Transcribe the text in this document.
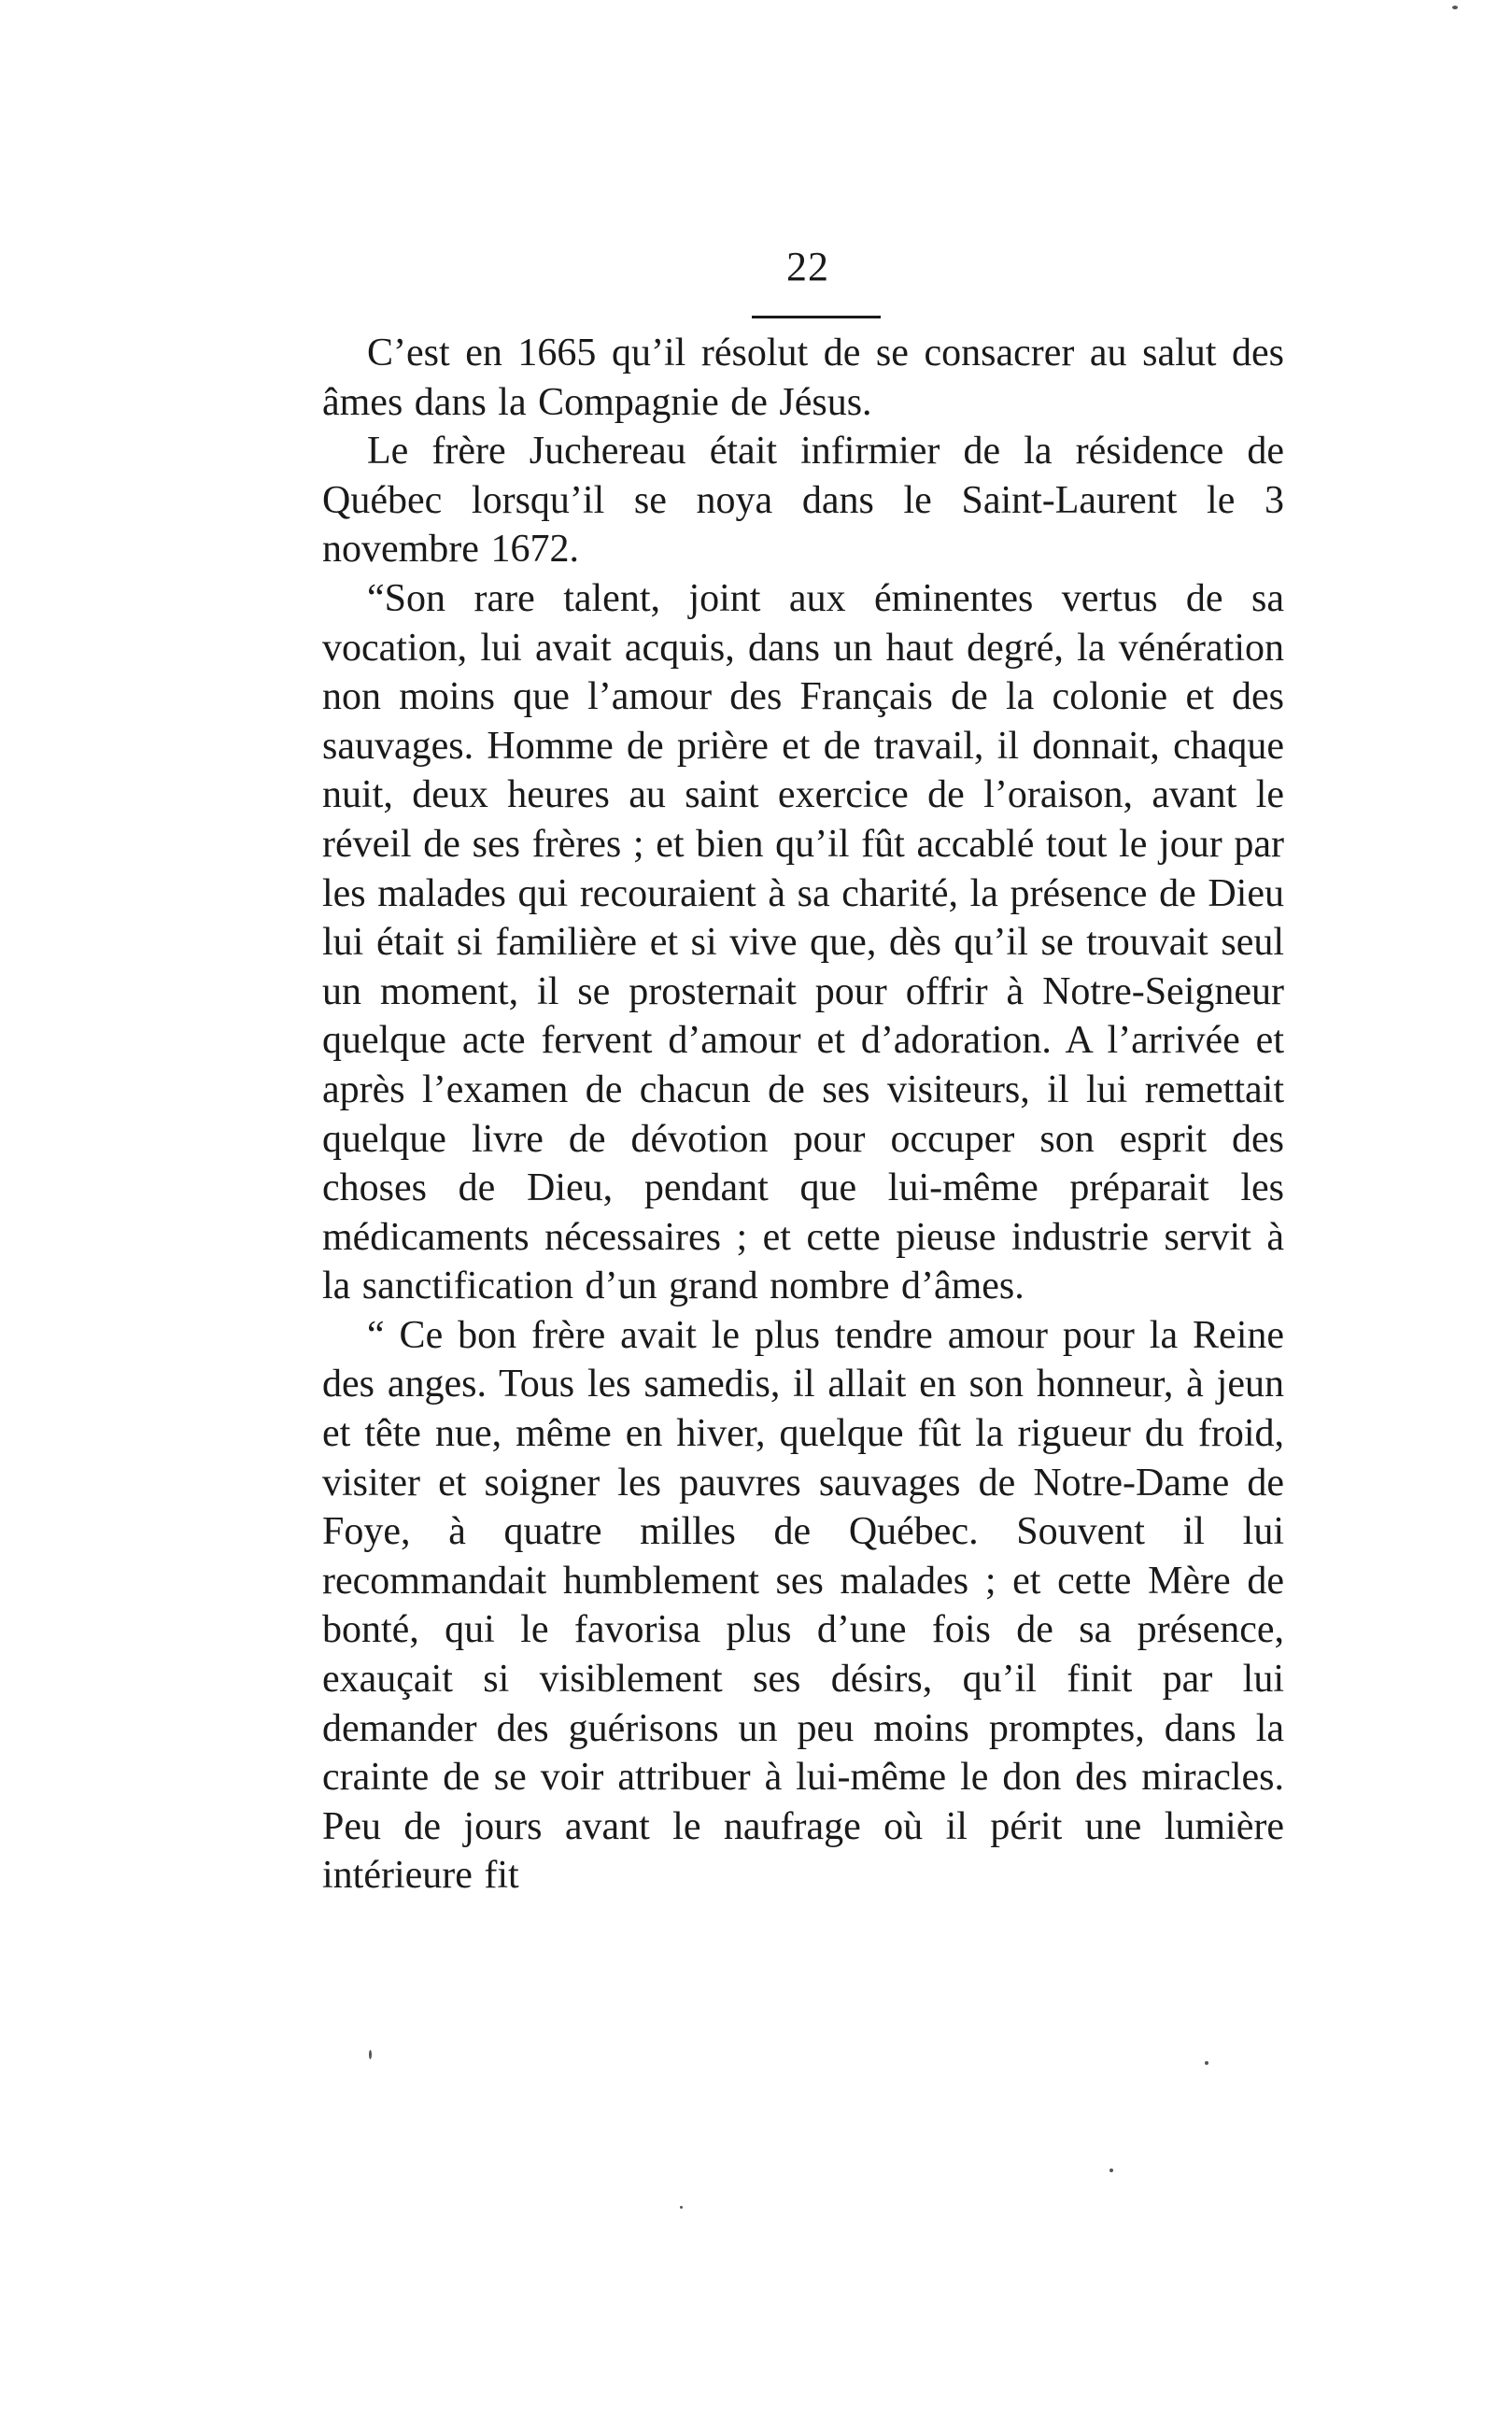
22

C’est en 1665 qu’il résolut de se consacrer au salut des âmes dans la Compagnie de Jésus.

Le frère Juchereau était infirmier de la résidence de Québec lorsqu’il se noya dans le Saint-Laurent le 3 novembre 1672.

“Son rare talent, joint aux éminentes vertus de sa vocation, lui avait acquis, dans un haut degré, la vénération non moins que l’amour des Français de la colonie et des sauvages. Homme de prière et de travail, il donnait, chaque nuit, deux heures au saint exercice de l’oraison, avant le réveil de ses frères ; et bien qu’il fût accablé tout le jour par les malades qui recouraient à sa charité, la présence de Dieu lui était si familière et si vive que, dès qu’il se trouvait seul un moment, il se prosternait pour offrir à Notre-Seigneur quelque acte fervent d’amour et d’adoration. A l’arrivée et après l’examen de chacun de ses visiteurs, il lui remettait quelque livre de dévotion pour occuper son esprit des choses de Dieu, pendant que lui-même préparait les médicaments nécessaires ; et cette pieuse industrie servit à la sanctification d’un grand nombre d’âmes.

“ Ce bon frère avait le plus tendre amour pour la Reine des anges. Tous les samedis, il allait en son honneur, à jeun et tête nue, même en hiver, quelque fût la rigueur du froid, visiter et soigner les pauvres sauvages de Notre-Dame de Foye, à quatre milles de Québec. Souvent il lui recommandait humblement ses malades ; et cette Mère de bonté, qui le favorisa plus d’une fois de sa présence, exauçait si visiblement ses désirs, qu’il finit par lui demander des guérisons un peu moins promptes, dans la crainte de se voir attribuer à lui-même le don des miracles. Peu de jours avant le naufrage où il périt une lumière intérieure fit
